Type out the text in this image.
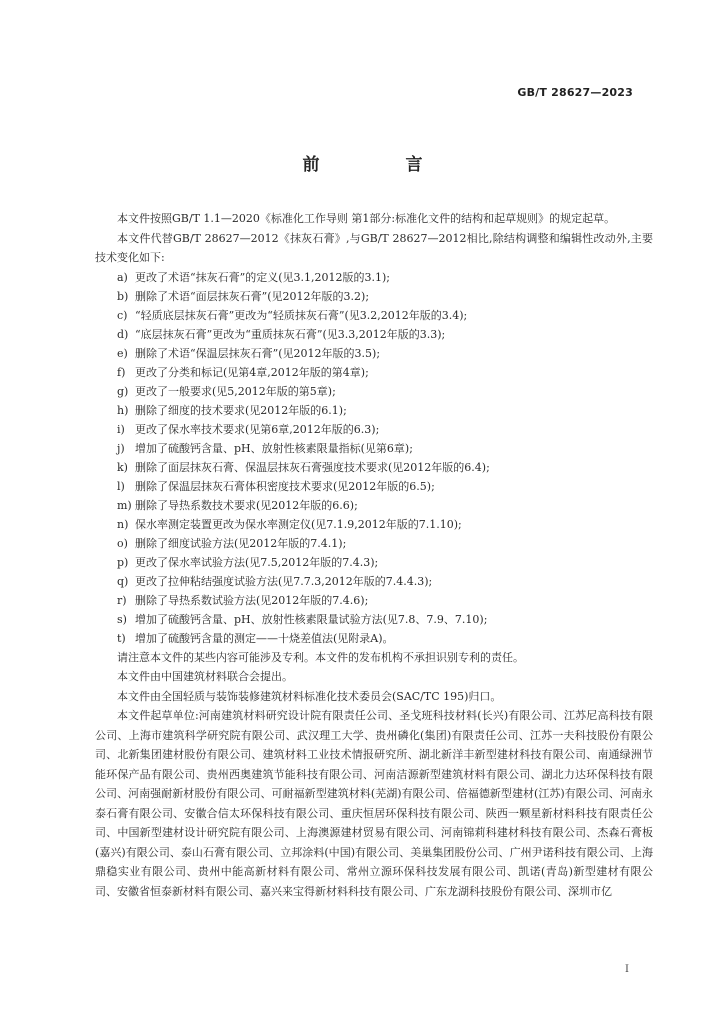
GB/T 28627—2023
前 言

本文件按照GB/T 1.1—2020《标准化工作导则 第1部分:标准化文件的结构和起草规则》的规定起草。

本文件代替GB/T 28627—2012《抹灰石膏》,与GB/T 28627—2012相比,除结构调整和编辑性改动外,主要技术变化如下:

a) 更改了术语“抹灰石膏”的定义(见3.1,2012版的3.1);
b) 删除了术语“面层抹灰石膏”(见2012年版的3.2);
c) “轻质底层抹灰石膏”更改为“轻质抹灰石膏”(见3.2,2012年版的3.4);
d) “底层抹灰石膏”更改为“重质抹灰石膏”(见3.3,2012年版的3.3);
e) 删除了术语“保温层抹灰石膏”(见2012年版的3.5);
f) 更改了分类和标记(见第4章,2012年版的第4章);
g) 更改了一般要求(见5,2012年版的第5章);
h) 删除了细度的技术要求(见2012年版的6.1);
i) 更改了保水率技术要求(见第6章,2012年版的6.3);
j) 增加了硫酸钙含量、pH、放射性核素限量指标(见第6章);
k) 删除了面层抹灰石膏、保温层抹灰石膏强度技术要求(见2012年版的6.4);
l) 删除了保温层抹灰石膏体积密度技术要求(见2012年版的6.5);
m) 删除了导热系数技术要求(见2012年版的6.6);
n) 保水率测定装置更改为保水率测定仪(见7.1.9,2012年版的7.1.10);
o) 删除了细度试验方法(见2012年版的7.4.1);
p) 更改了保水率试验方法(见7.5,2012年版的7.4.3);
q) 更改了拉伸粘结强度试验方法(见7.7.3,2012年版的7.4.4.3);
r) 删除了导热系数试验方法(见2012年版的7.4.6);
s) 增加了硫酸钙含量、pH、放射性核素限量试验方法(见7.8、7.9、7.10);
t) 增加了硫酸钙含量的测定——十烧差值法(见附录A)。

请注意本文件的某些内容可能涉及专利。本文件的发布机构不承担识别专利的责任。

本文件由中国建筑材料联合会提出。

本文件由全国轻质与装饰装修建筑材料标准化技术委员会(SAC/TC 195)归口。

本文件起草单位:河南建筑材料研究设计院有限责任公司、圣戈班科技材料(长兴)有限公司、江苏尼高科技有限公司、上海市建筑科学研究院有限公司、武汉理工大学、贵州磷化(集团)有限责任公司、江苏一夫科技股份有限公司、北新集团建材股份有限公司、建筑材料工业技术情报研究所、湖北新洋丰新型建材科技有限公司、南通绿洲节能环保产品有限公司、贵州西奥建筑节能科技有限公司、河南洁源新型建筑材料有限公司、湖北力达环保科技有限公司、河南强耐新材股份有限公司、可耐福新型建筑材料(芜湖)有限公司、倍福德新型建材(江苏)有限公司、河南永泰石膏有限公司、安徽合信太环保科技有限公司、重庆恒居环保科技有限公司、陕西一颗星新材料科技有限责任公司、中国新型建材设计研究院有限公司、上海澳源建材贸易有限公司、河南锦莉科建材科技有限公司、杰森石膏板(嘉兴)有限公司、泰山石膏有限公司、立邦涂料(中国)有限公司、美巢集团股份公司、广州尹诺科技有限公司、上海鼎稳实业有限公司、贵州中能高新材料有限公司、常州立源环保科技发展有限公司、凯诺(青岛)新型建材有限公司、安徽省恒泰新材料有限公司、嘉兴来宝得新材料科技有限公司、广东龙湖科技股份有限公司、深圳市亿

I
